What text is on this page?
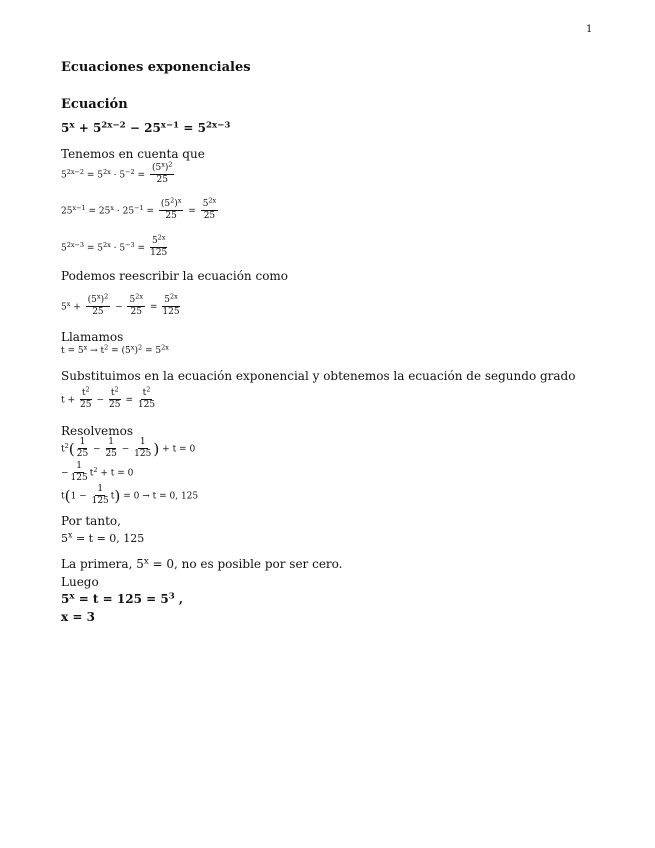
1
Ecuaciones exponenciales
Ecuación
$5^x + 5^{2x-2} - 25^{x-1} = 5^{2x-3}$
Tenemos en cuenta que
$5^{2x-2} = 5^{2x} \cdot 5^{-2} = \frac{(5^x)^2}{25}$
$25^{x-1} = 25^x \cdot 25^{-1} = \frac{(5^2)^x}{25} = \frac{5^{2x}}{25}$
$5^{2x-3} = 5^{2x} \cdot 5^{-3} = \frac{5^{2x}}{125}$
Podemos reescribir la ecuación como
$5^x + \frac{(5^x)^2}{25} - \frac{5^{2x}}{25} = \frac{5^{2x}}{125}$
Llamamos
$t = 5^x \to t^2 = (5^x)^2 = 5^{2x}$
Substituimos en la ecuación exponencial y obtenemos la ecuación de segundo grado
$t + \frac{t^2}{25} - \frac{t^2}{25} = \frac{t^2}{125}$
Resolvemos
$t^2( \frac{1}{25} - \frac{1}{25} - \frac{1}{125}$ ) + t = 0
− $\frac{1}{125} t^2 + t = 0$
$t(1 - \frac{1}{125} t) = 0 \to t = 0$, 125
Por tanto,
$5^x = t = 0$, 125
La primera, $5^x = 0$, no es posible por ser cero.
Luego
$5^x = t = 125 = 5^3$ ,
x = 3
